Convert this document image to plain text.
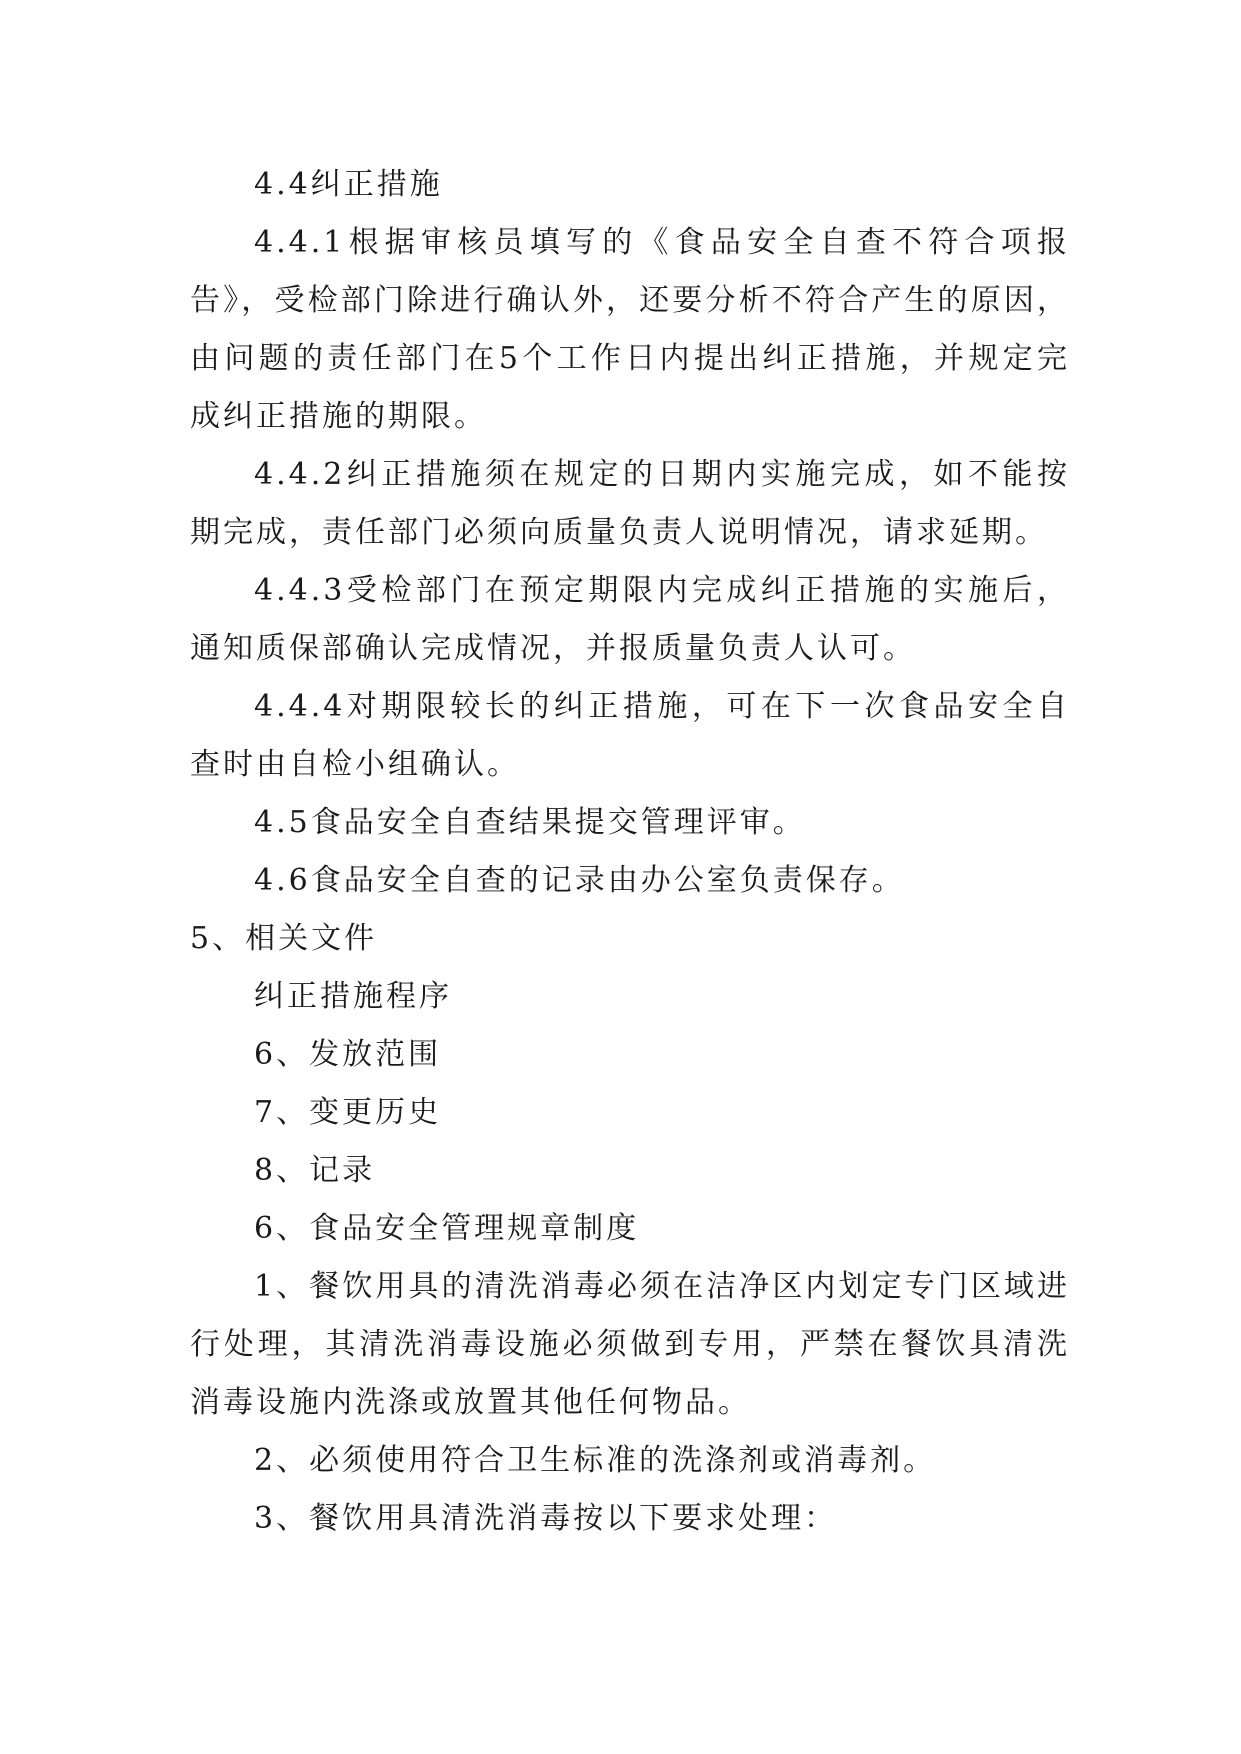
4.4纠正措施

4.4.1根据审核员填写的《食品安全自查不符合项报告》，受检部门除进行确认外，还要分析不符合产生的原因，由问题的责任部门在5个工作日内提出纠正措施，并规定完成纠正措施的期限。

4.4.2纠正措施须在规定的日期内实施完成，如不能按期完成，责任部门必须向质量负责人说明情况，请求延期。

4.4.3受检部门在预定期限内完成纠正措施的实施后，通知质保部确认完成情况，并报质量负责人认可。

4.4.4对期限较长的纠正措施，可在下一次食品安全自查时由自检小组确认。

4.5食品安全自查结果提交管理评审。

4.6食品安全自查的记录由办公室负责保存。

5、相关文件

纠正措施程序

6、发放范围

7、变更历史

8、记录

6、食品安全管理规章制度

1、餐饮用具的清洗消毒必须在洁净区内划定专门区域进行处理，其清洗消毒设施必须做到专用，严禁在餐饮具清洗消毒设施内洗涤或放置其他任何物品。

2、必须使用符合卫生标准的洗涤剂或消毒剂。

3、餐饮用具清洗消毒按以下要求处理：
